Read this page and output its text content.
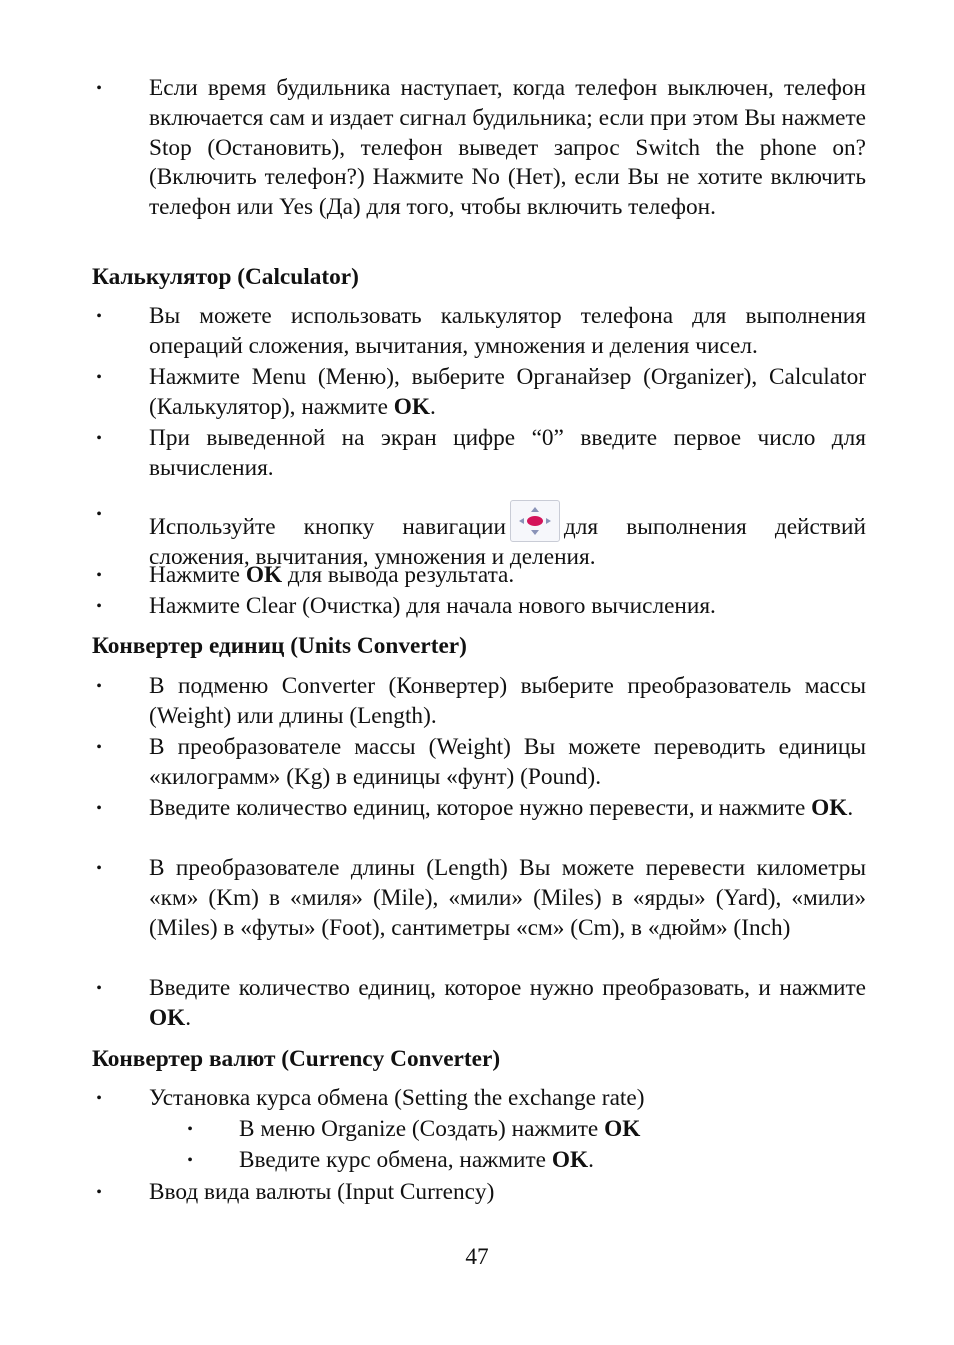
• Если время будильника наступает, когда телефон выключен, телефон включается сам и издает сигнал будильника; если при этом Вы нажмете Stop (Остановить), телефон выведет запрос Switch the phone on? (Включить телефон?) Нажмите No (Нет), если Вы не хотите включить телефон или Yes (Да) для того, чтобы включить телефон.
Калькулятор (Calculator)
• Вы можете использовать калькулятор телефона для выполнения операций сложения, вычитания, умножения и деления чисел.
• Нажмите Menu (Меню), выберите Органайзер (Organizer), Calculator (Калькулятор), нажмите OK.
• При выведенной на экран цифре “0” введите первое число для вычисления.
• Используйте кнопку навигации для выполнения действий сложения, вычитания, умножения и деления.
• Нажмите OK для вывода результата.
• Нажмите Clear (Очистка) для начала нового вычисления.
Конвертер единиц (Units Converter)
• В подменю Converter (Конвертер) выберите преобразователь массы (Weight) или длины (Length).
• В преобразователе массы (Weight) Вы можете переводить единицы «килограмм» (Kg) в единицы «фунт) (Pound).
• Введите количество единиц, которое нужно перевести, и нажмите OK.
• В преобразователе длины (Length) Вы можете перевести километры «км» (Km) в «миля» (Mile), «мили» (Miles) в «ярды» (Yard), «мили» (Miles) в «футы» (Foot), сантиметры «см» (Cm), в «дюйм» (Inch)
• Введите количество единиц, которое нужно преобразовать, и нажмите OK.
Конвертер валют (Currency Converter)
• Установка курса обмена (Setting the exchange rate)
• В меню Organize (Создать) нажмите OK
• Введите курс обмена, нажмите OK.
• Ввод вида валюты (Input Currency)
47
